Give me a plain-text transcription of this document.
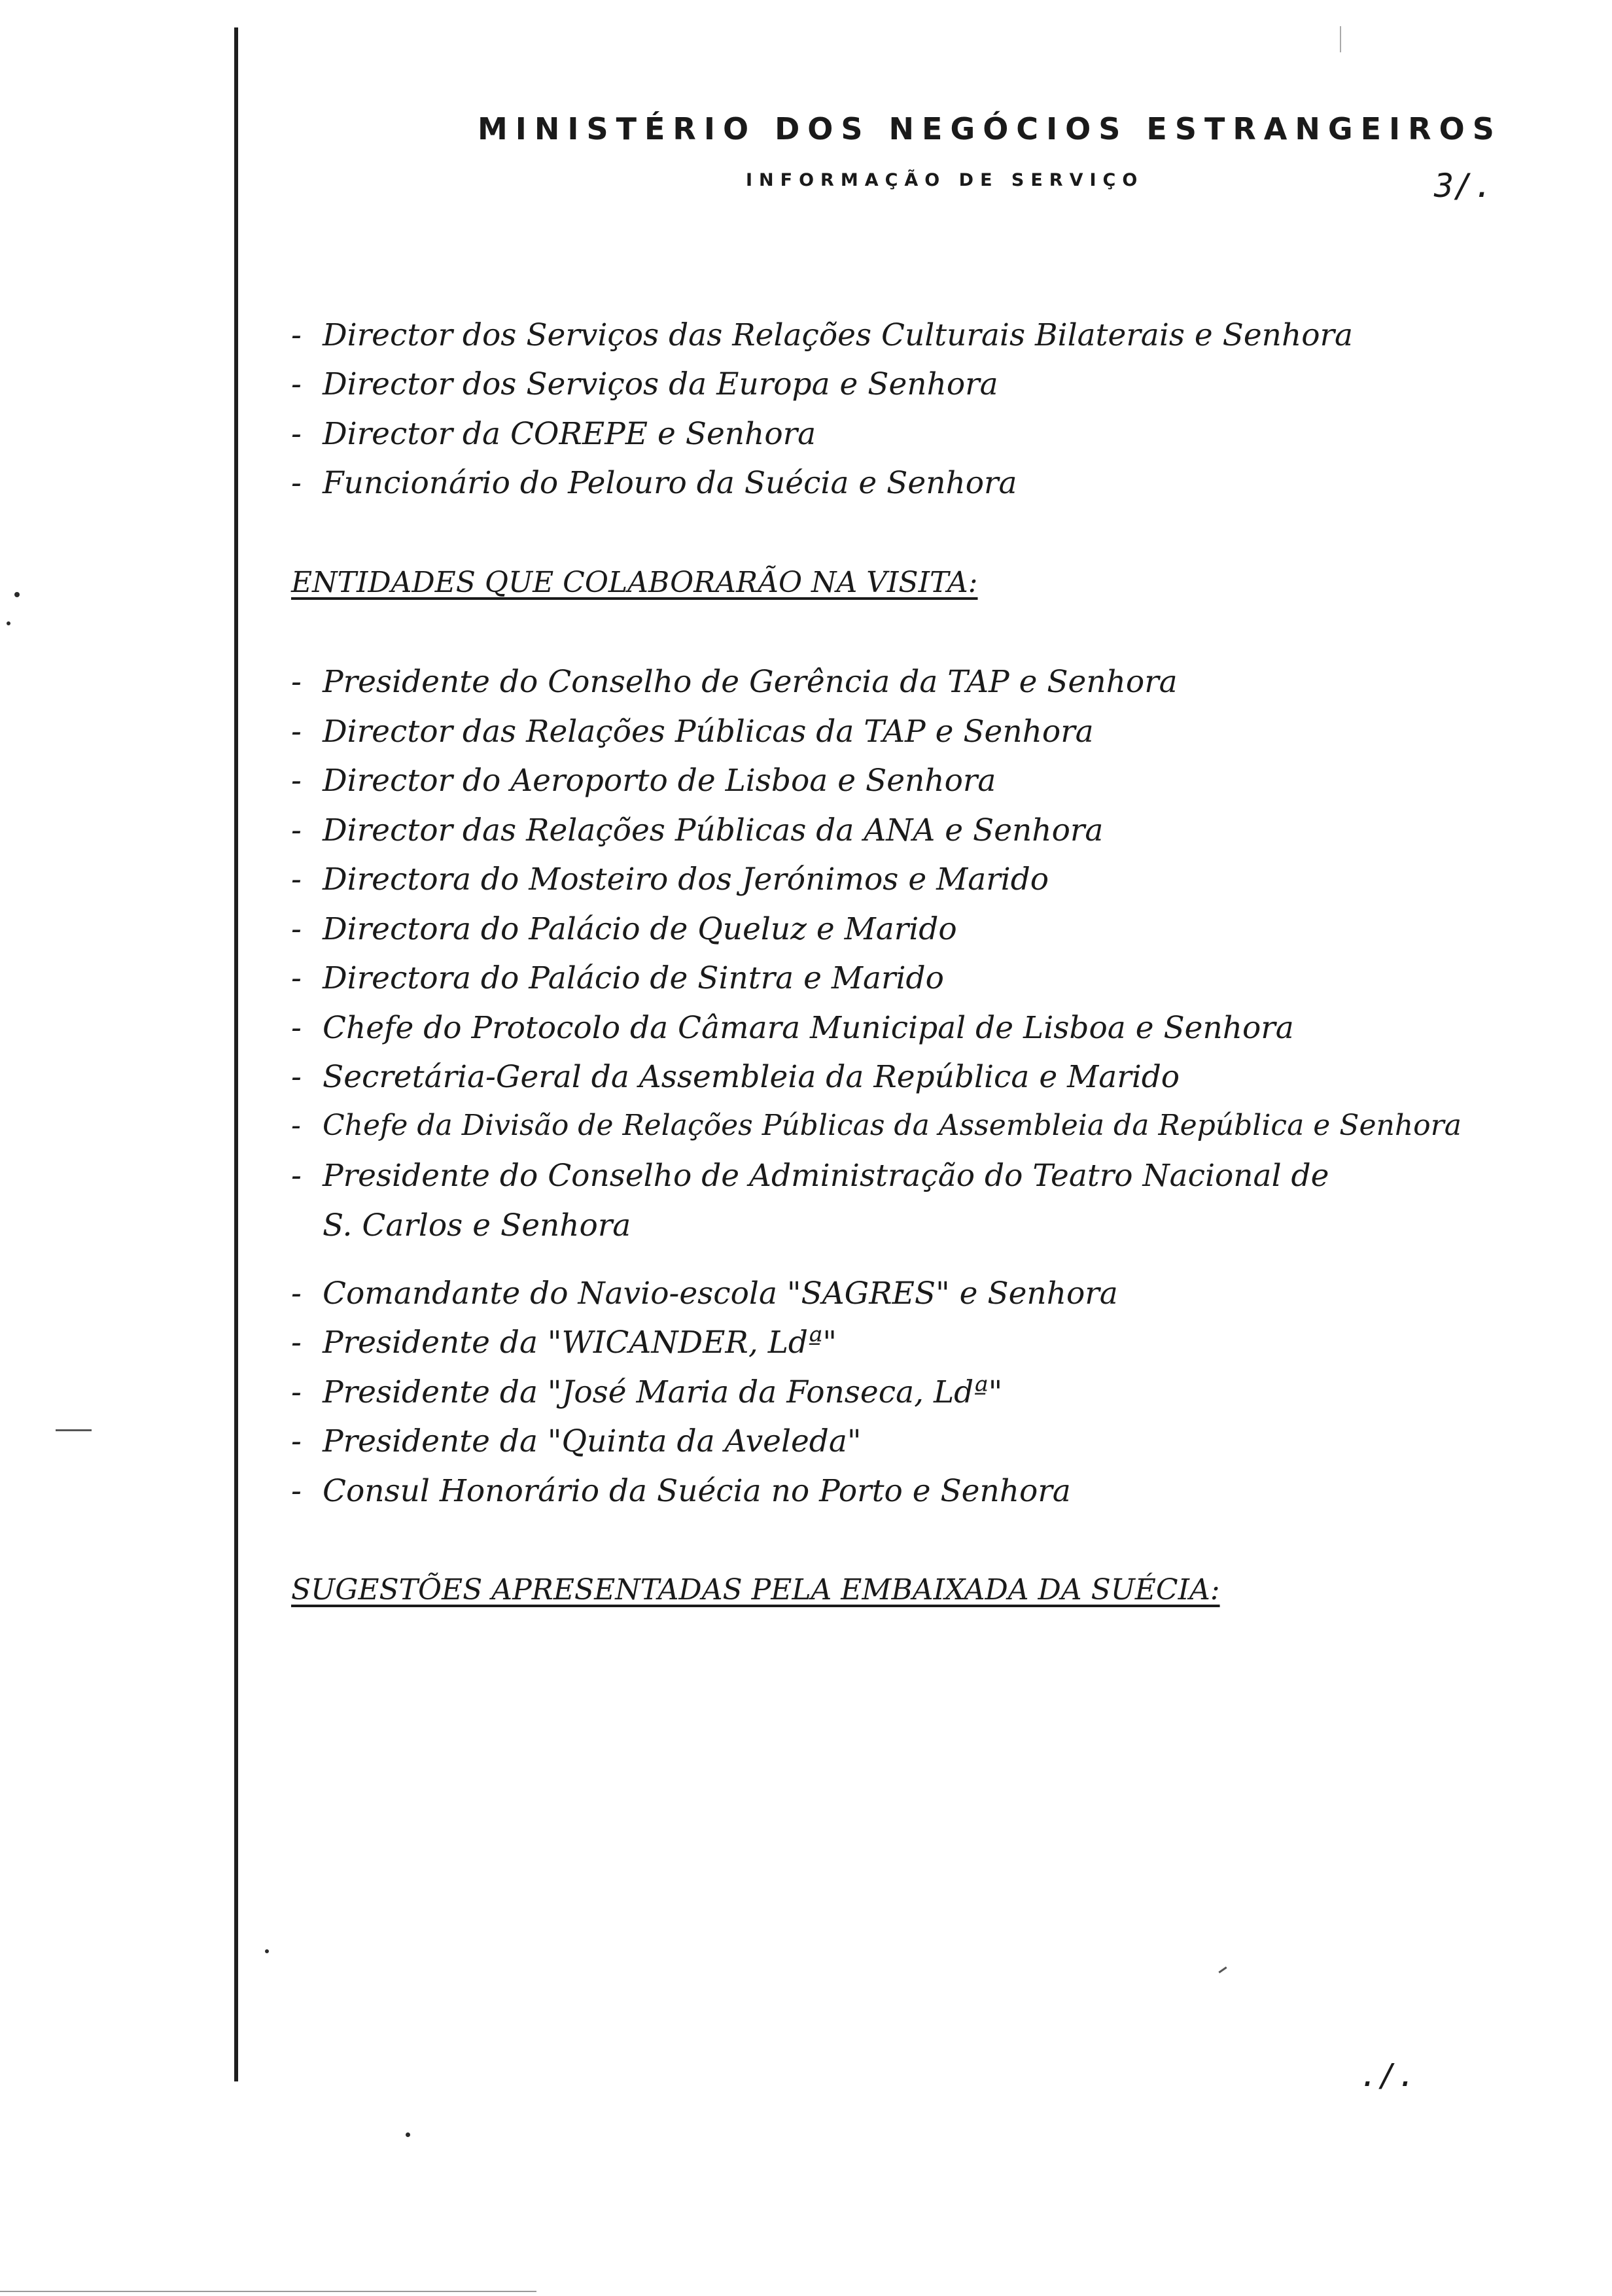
MINISTÉRIO DOS NEGÓCIOS ESTRANGEIROS
INFORMAÇÃO DE SERVIÇO	3/.
- Director dos Serviços das Relações Culturais Bilaterais e Senhora
- Director dos Serviços da Europa e Senhora
- Director da COREPE e Senhora
- Funcionário do Pelouro da Suécia e Senhora
ENTIDADES QUE COLABORARÃO NA VISITA:
- Presidente do Conselho de Gerência da TAP e Senhora
- Director das Relações Públicas da TAP e Senhora
- Director do Aeroporto de Lisboa e Senhora
- Director das Relações Públicas da ANA e Senhora
- Directora do Mosteiro dos Jerónimos e Marido
- Directora do Palácio de Queluz e Marido
- Directora do Palácio de Sintra e Marido
- Chefe do Protocolo da Câmara Municipal de Lisboa e Senhora
- Secretária-Geral da Assembleia da República e Marido
- Chefe da Divisão de Relações Públicas da Assembleia da República e Senhora
- Presidente do Conselho de Administração do Teatro Nacional de
S. Carlos e Senhora
- Comandante do Navio-escola "SAGRES" e Senhora
- Presidente da "WICANDER, Ldª"
- Presidente da "José Maria da Fonseca, Ldª"
- Presidente da "Quinta da Aveleda"
- Consul Honorário da Suécia no Porto e Senhora
SUGESTÕES APRESENTADAS PELA EMBAIXADA DA SUÉCIA:
./.
